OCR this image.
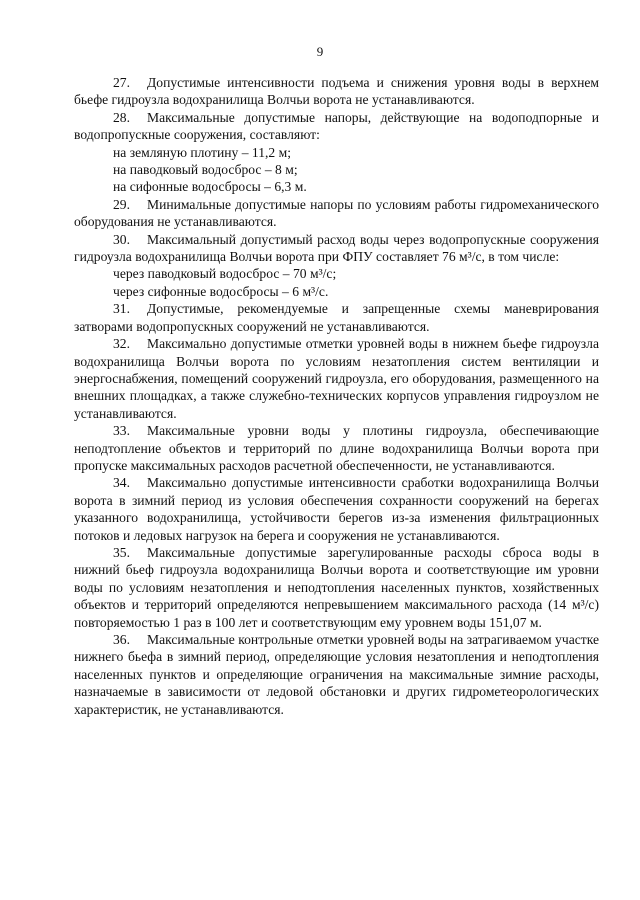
9

27. Допустимые интенсивности подъема и снижения уровня воды в верхнем бьефе гидроузла водохранилища Волчьи ворота не устанавливаются.

28. Максимальные допустимые напоры, действующие на водоподпорные и водопропускные сооружения, составляют:

на земляную плотину – 11,2 м;

на паводковый водосброс – 8 м;

на сифонные водосбросы – 6,3 м.

29. Минимальные допустимые напоры по условиям работы гидромеханического оборудования не устанавливаются.

30. Максимальный допустимый расход воды через водопропускные сооружения гидроузла водохранилища Волчьи ворота при ФПУ составляет 76 м³/с, в том числе:

через паводковый водосброс – 70 м³/с;

через сифонные водосбросы – 6 м³/с.

31. Допустимые, рекомендуемые и запрещенные схемы маневрирования затворами водопропускных сооружений не устанавливаются.

32. Максимально допустимые отметки уровней воды в нижнем бьефе гидроузла водохранилища Волчьи ворота по условиям незатопления систем вентиляции и энергоснабжения, помещений сооружений гидроузла, его оборудования, размещенного на внешних площадках, а также служебно-технических корпусов управления гидроузлом не устанавливаются.

33. Максимальные уровни воды у плотины гидроузла, обеспечивающие неподтопление объектов и территорий по длине водохранилища Волчьи ворота при пропуске максимальных расходов расчетной обеспеченности, не устанавливаются.

34. Максимально допустимые интенсивности сработки водохранилища Волчьи ворота в зимний период из условия обеспечения сохранности сооружений на берегах указанного водохранилища, устойчивости берегов из-за изменения фильтрационных потоков и ледовых нагрузок на берега и сооружения не устанавливаются.

35. Максимальные допустимые зарегулированные расходы сброса воды в нижний бьеф гидроузла водохранилища Волчьи ворота и соответствующие им уровни воды по условиям незатопления и неподтопления населенных пунктов, хозяйственных объектов и территорий определяются непревышением максимального расхода (14 м³/с) повторяемостью 1 раз в 100 лет и соответствующим ему уровнем воды 151,07 м.

36. Максимальные контрольные отметки уровней воды на затрагиваемом участке нижнего бьефа в зимний период, определяющие условия незатопления и неподтопления населенных пунктов и определяющие ограничения на максимальные зимние расходы, назначаемые в зависимости от ледовой обстановки и других гидрометеорологических характеристик, не устанавливаются.
